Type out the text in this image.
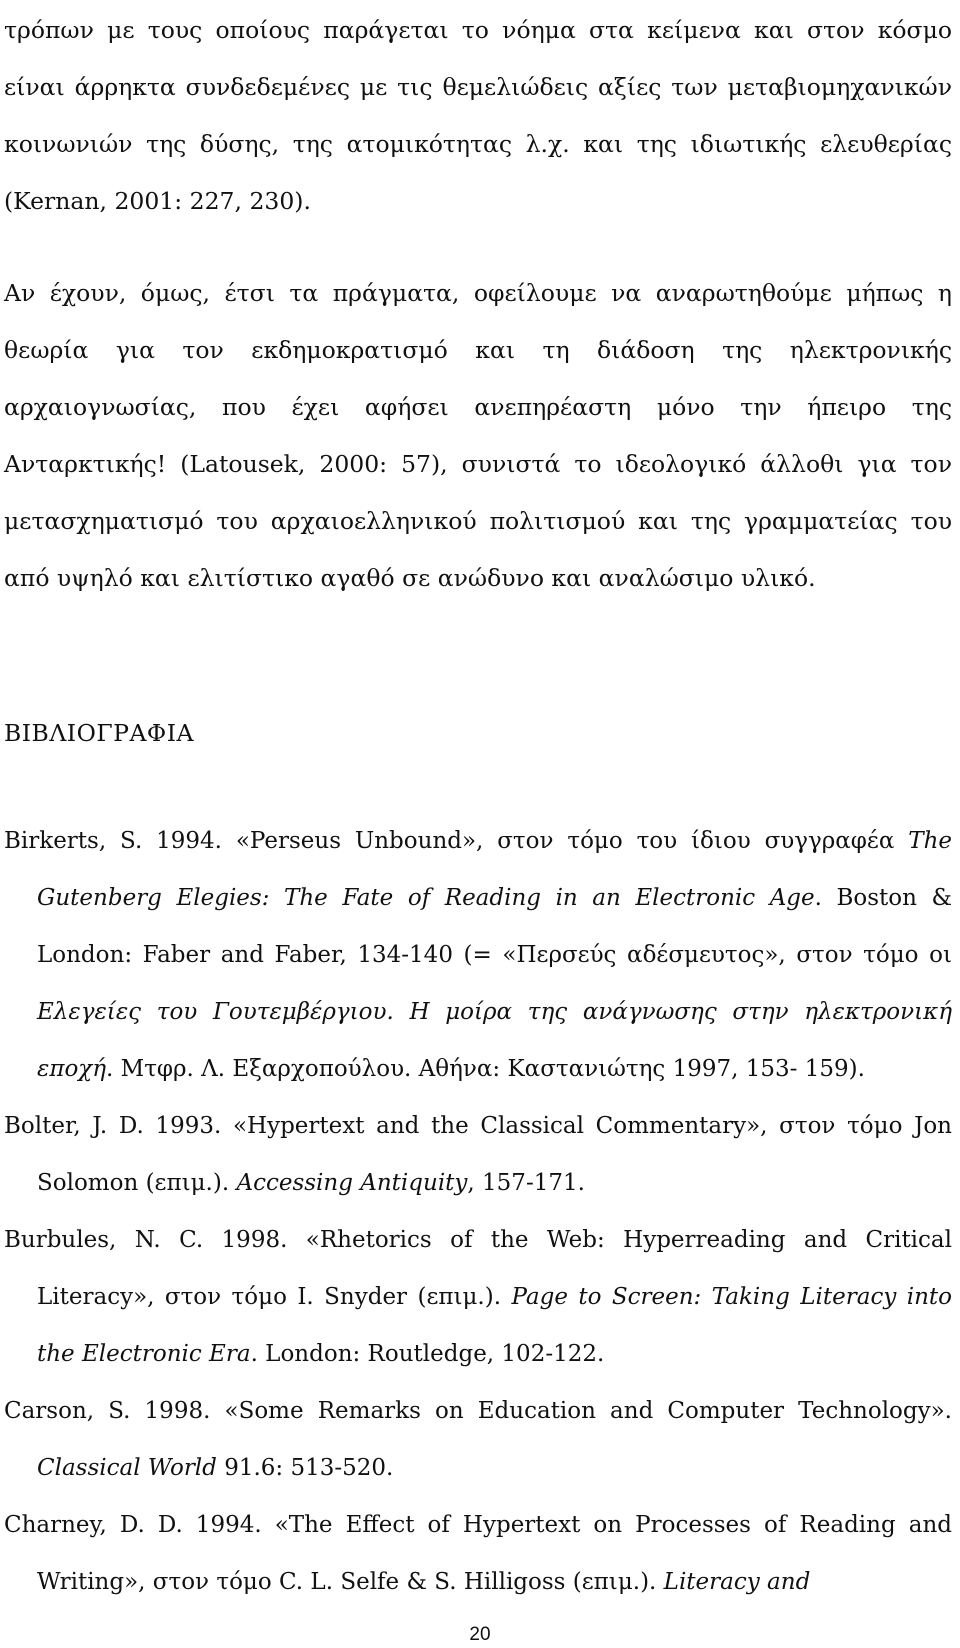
τρόπων με τους οποίους παράγεται το νόημα στα κείμενα και στον κόσμο είναι άρρηκτα συνδεδεμένες με τις θεμελιώδεις αξίες των μεταβιομηχανικών κοινωνιών της δύσης, της ατομικότητας λ.χ. και της ιδιωτικής ελευθερίας (Kernan, 2001: 227, 230).

Αν έχουν, όμως, έτσι τα πράγματα, οφείλουμε να αναρωτηθούμε μήπως η θεωρία για τον εκδημοκρατισμό και τη διάδοση της ηλεκτρονικής αρχαιογνωσίας, που έχει αφήσει ανεπηρέαστη μόνο την ήπειρο της Ανταρκτικής! (Latousek, 2000: 57), συνιστά το ιδεολογικό άλλοθι για τον μετασχηματισμό του αρχαιοελληνικού πολιτισμού και της γραμματείας του από υψηλό και ελιτίστικο αγαθό σε ανώδυνο και αναλώσιμο υλικό.

ΒΙΒΛΙΟΓΡΑΦΙΑ
Birkerts, S. 1994. «Perseus Unbound», στον τόμο του ίδιου συγγραφέα The Gutenberg Elegies: The Fate of Reading in an Electronic Age. Boston & London: Faber and Faber, 134-140 (= «Περσεύς αδέσμευτος», στον τόμο οι Ελεγείες του Γουτεμβέργιου. Η μοίρα της ανάγνωσης στην ηλεκτρονική εποχή. Μτφρ. Λ. Εξαρχοπούλου. Αθήνα: Καστανιώτης 1997, 153- 159).
Bolter, J. D. 1993. «Hypertext and the Classical Commentary», στον τόμο Jon Solomon (επιμ.). Accessing Antiquity, 157-171.
Burbules, N. C. 1998. «Rhetorics of the Web: Hyperreading and Critical Literacy», στον τόμο I. Snyder (επιμ.). Page to Screen: Taking Literacy into the Electronic Era. London: Routledge, 102-122.
Carson, S. 1998. «Some Remarks on Education and Computer Technology». Classical World 91.6: 513-520.
Charney, D. D. 1994. «The Effect of Hypertext on Processes of Reading and Writing», στον τόμο C. L. Selfe & S. Hilligoss (επιμ.). Literacy and
20
